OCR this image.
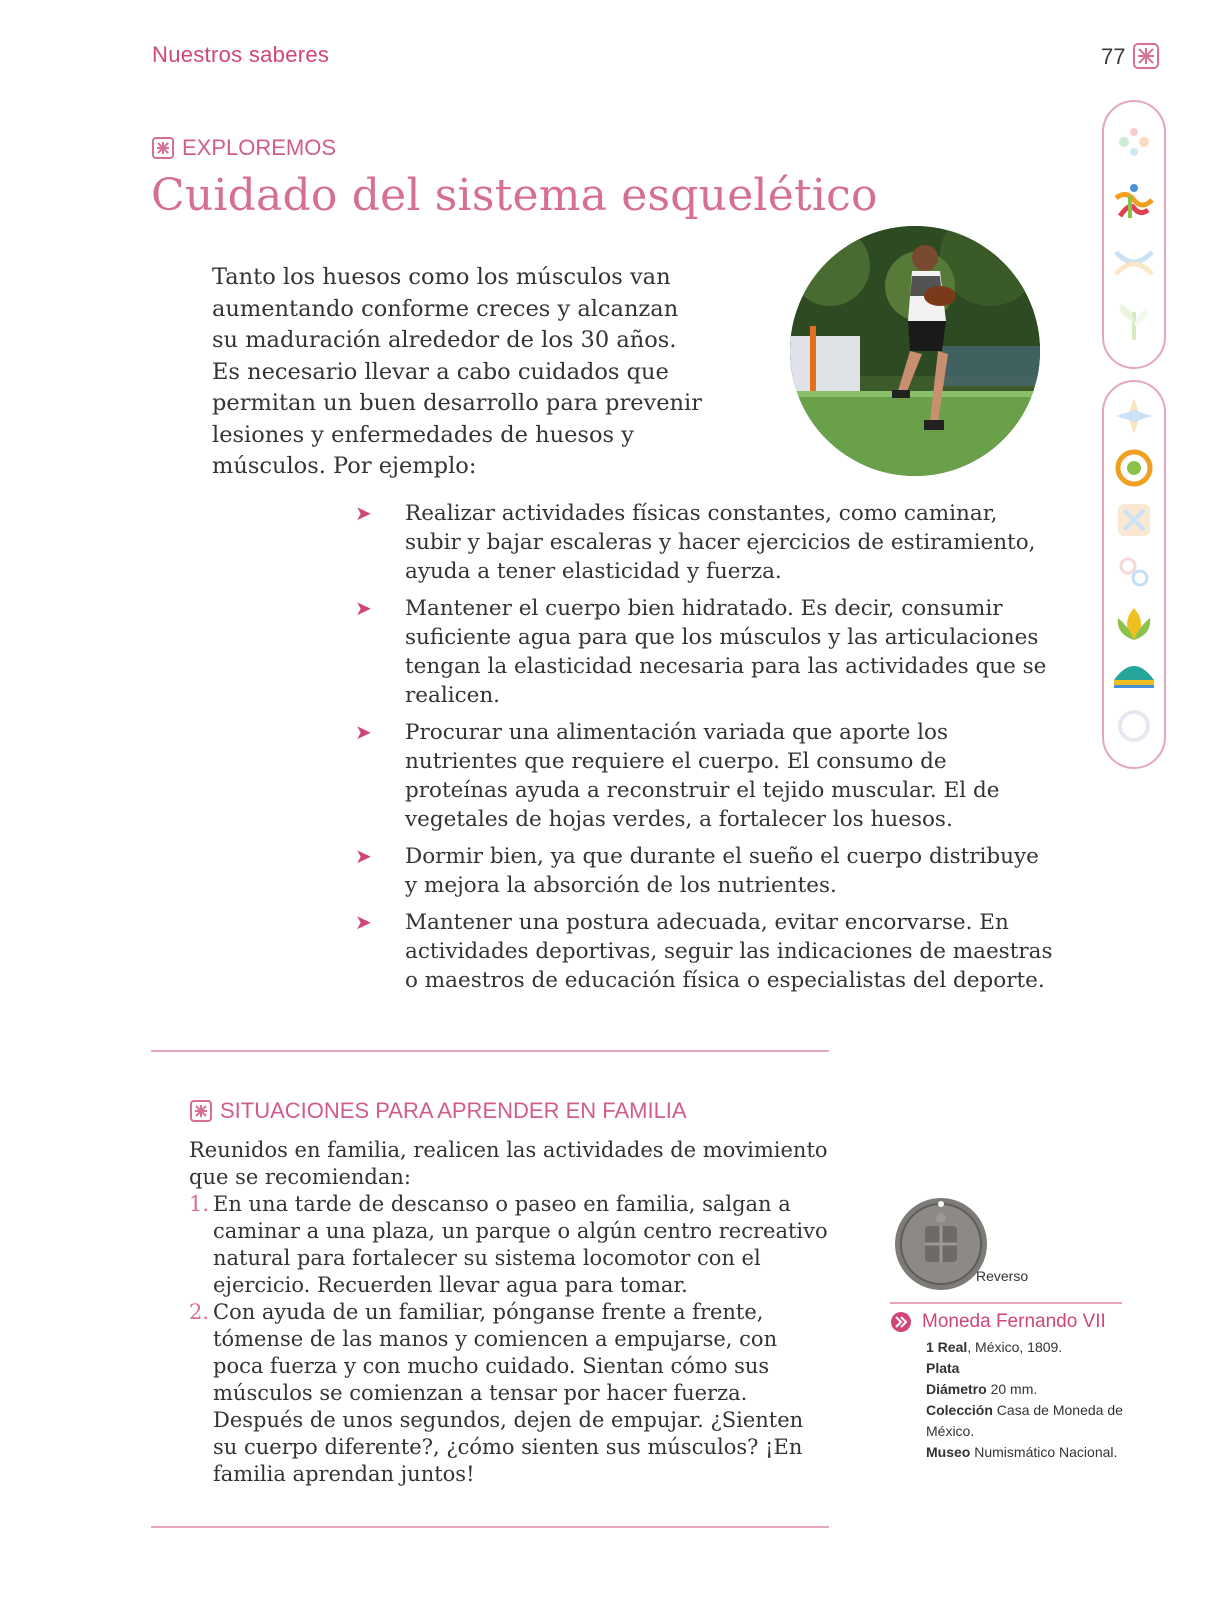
Nuestros saberes	77
EXPLOREMOS
Cuidado del sistema esquelético
Tanto los huesos como los músculos van
aumentando conforme creces y alcanzan
su maduración alrededor de los 30 años.
Es necesario llevar a cabo cuidados que
permitan un buen desarrollo para prevenir
lesiones y enfermedades de huesos y
músculos. Por ejemplo:
➤ Realizar actividades físicas constantes, como caminar, subir y bajar escaleras y hacer ejercicios de estiramiento, ayuda a tener elasticidad y fuerza.
➤ Mantener el cuerpo bien hidratado. Es decir, consumir suficiente agua para que los músculos y las articulaciones tengan la elasticidad necesaria para las actividades que se realicen.
➤ Procurar una alimentación variada que aporte los nutrientes que requiere el cuerpo. El consumo de proteínas ayuda a reconstruir el tejido muscular. El de vegetales de hojas verdes, a fortalecer los huesos.
➤ Dormir bien, ya que durante el sueño el cuerpo distribuye y mejora la absorción de los nutrientes.
➤ Mantener una postura adecuada, evitar encorvarse. En actividades deportivas, seguir las indicaciones de maestras o maestros de educación física o especialistas del deporte.
SITUACIONES PARA APRENDER EN FAMILIA
Reunidos en familia, realicen las actividades de movimiento que se recomiendan:
1. En una tarde de descanso o paseo en familia, salgan a caminar a una plaza, un parque o algún centro recreativo natural para fortalecer su sistema locomotor con el ejercicio. Recuerden llevar agua para tomar.
2. Con ayuda de un familiar, pónganse frente a frente, tómense de las manos y comiencen a empujarse, con poca fuerza y con mucho cuidado. Sientan cómo sus músculos se comienzan a tensar por hacer fuerza. Después de unos segundos, dejen de empujar. ¿Sienten su cuerpo diferente?, ¿cómo sienten sus músculos? ¡En familia aprendan juntos!
Reverso
Moneda Fernando VII
1 Real, México, 1809.
Plata
Diámetro 20 mm.
Colección Casa de Moneda de México.
Museo Numismático Nacional.
